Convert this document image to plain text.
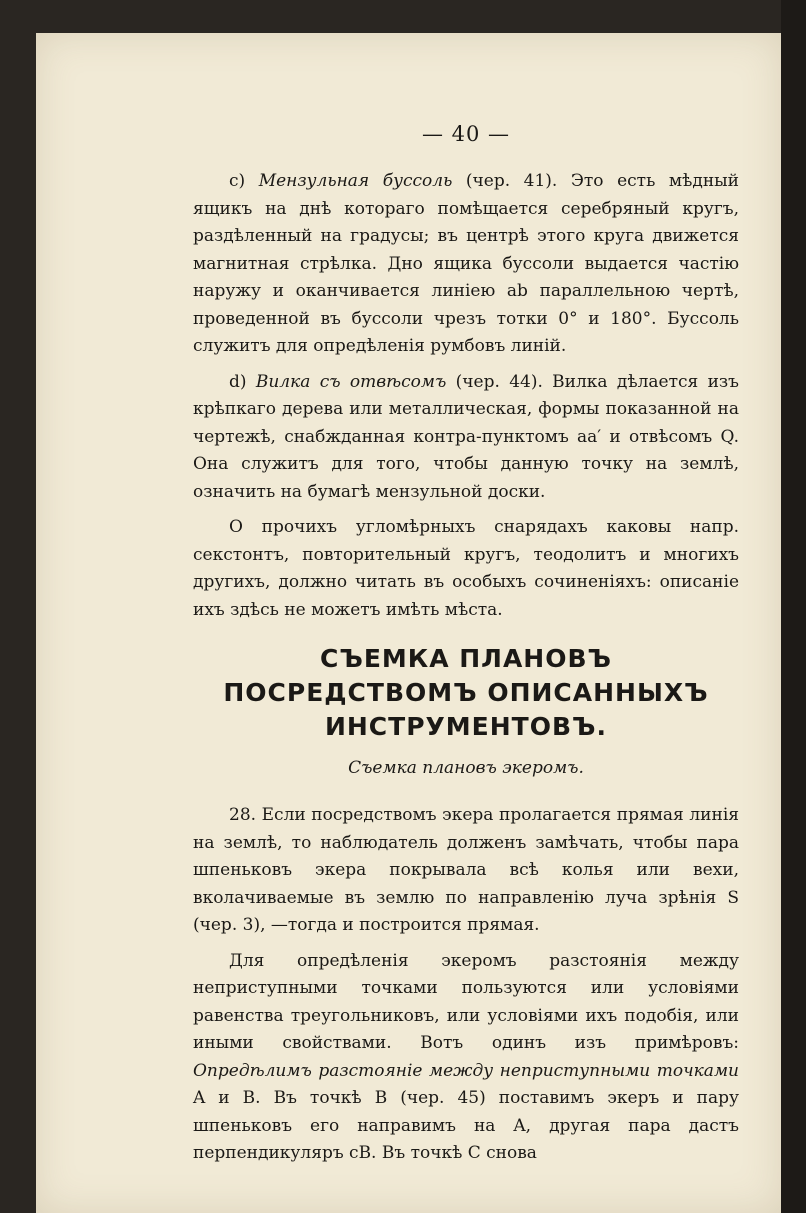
— 40 —

c) Мензульная буссоль (чер. 41). Это есть мѣдный ящикъ на днѣ котораго помѣщается серебряный кругъ, раздѣленный на градусы; въ центрѣ этого круга движется магнитная стрѣлка. Дно ящика буссоли выдается частію наружу и оканчивается линіею ab параллельною чертѣ, проведенной въ буссоли чрезъ тотки 0° и 180°. Буссоль служитъ для опредѣленія румбовъ линій.

d) Вилка съ отвѣсомъ (чер. 44). Вилка дѣлается изъ крѣпкаго дерева или металлическая, формы показанной на чертежѣ, снабжданная контра-пунктомъ aa′ и отвѣсомъ Q. Она служитъ для того, чтобы данную точку на землѣ, означить на бумагѣ мензульной доски.

О прочихъ угломѣрныхъ снарядахъ каковы напр. секстонтъ, повторительный кругъ, теодолитъ и многихъ другихъ, должно читать въ особыхъ сочиненіяхъ: описаніе ихъ здѣсь не можетъ имѣть мѣста.

СЪЕМКА ПЛАНОВЪ ПОСРЕДСТВОМЪ ОПИСАННЫХЪ ИНСТРУМЕНТОВЪ.
Съемка плановъ экеромъ.

28. Если посредствомъ экера пролагается прямая линія на землѣ, то наблюдатель долженъ замѣчать, чтобы пара шпеньковъ экера покрывала всѣ колья или вехи, вколачиваемые въ землю по направленію луча зрѣнія S (чер. 3), —тогда и построится прямая.

Для опредѣленія экеромъ разстоянія между неприступными точками пользуются или условіями равенства треугольниковъ, или условіями ихъ подобія, или иными свойствами. Вотъ одинъ изъ примѣровъ: Опредѣлимъ разстояніе между неприступными точками A и B. Въ точкѣ B (чер. 45) поставимъ экеръ и пару шпеньковъ его направимъ на A, другая пара дастъ перпендикуляръ cB. Въ точкѣ C снова
